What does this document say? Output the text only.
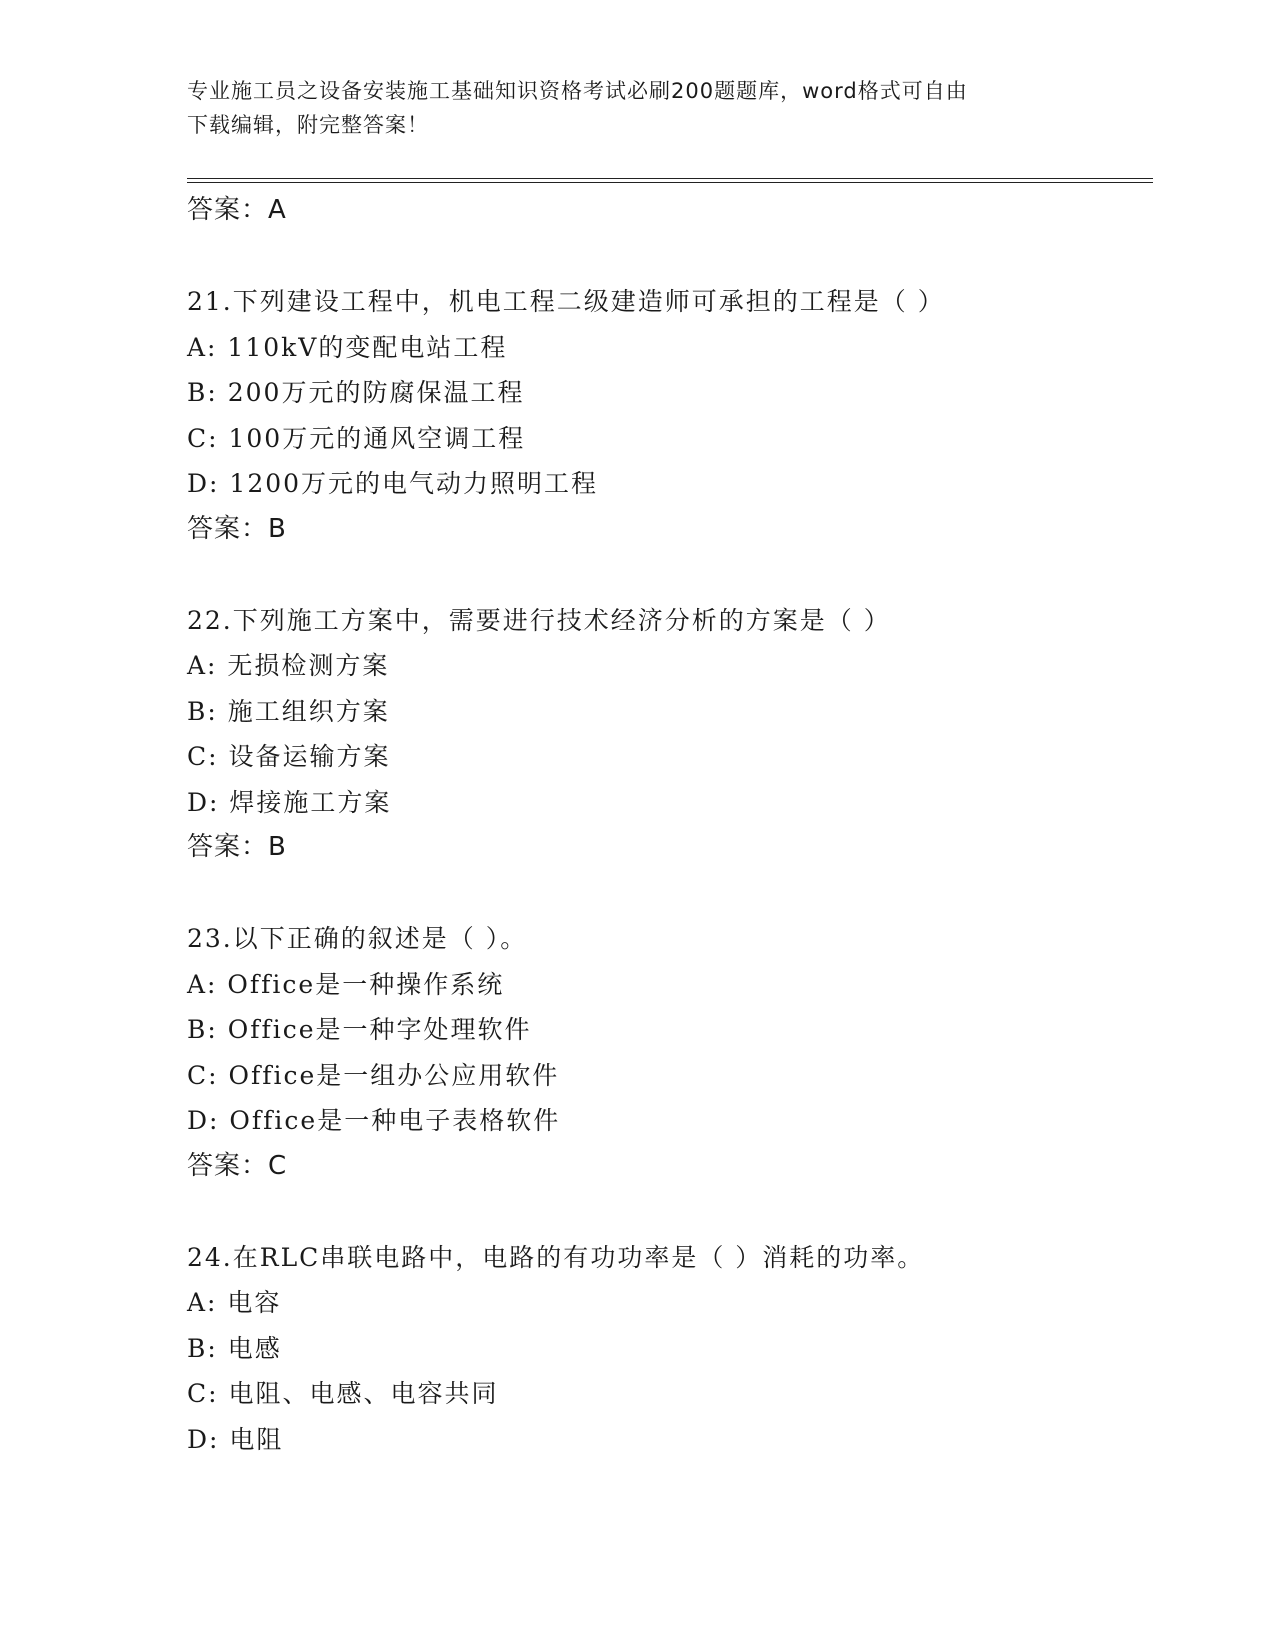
专业施工员之设备安装施工基础知识资格考试必刷200题题库，word格式可自由
下载编辑，附完整答案！
答案：A
21.下列建设工程中，机电工程二级建造师可承担的工程是（ ）
A: 110kV的变配电站工程
B: 200万元的防腐保温工程
C: 100万元的通风空调工程
D: 1200万元的电气动力照明工程
答案：B
22.下列施工方案中，需要进行技术经济分析的方案是（ ）
A: 无损检测方案
B: 施工组织方案
C: 设备运输方案
D: 焊接施工方案
答案：B
23.以下正确的叙述是（ ）。
A: Office是一种操作系统
B: Office是一种字处理软件
C: Office是一组办公应用软件
D: Office是一种电子表格软件
答案：C
24.在RLC串联电路中，电路的有功功率是（ ）消耗的功率。
A: 电容
B: 电感
C: 电阻、电感、电容共同
D: 电阻
